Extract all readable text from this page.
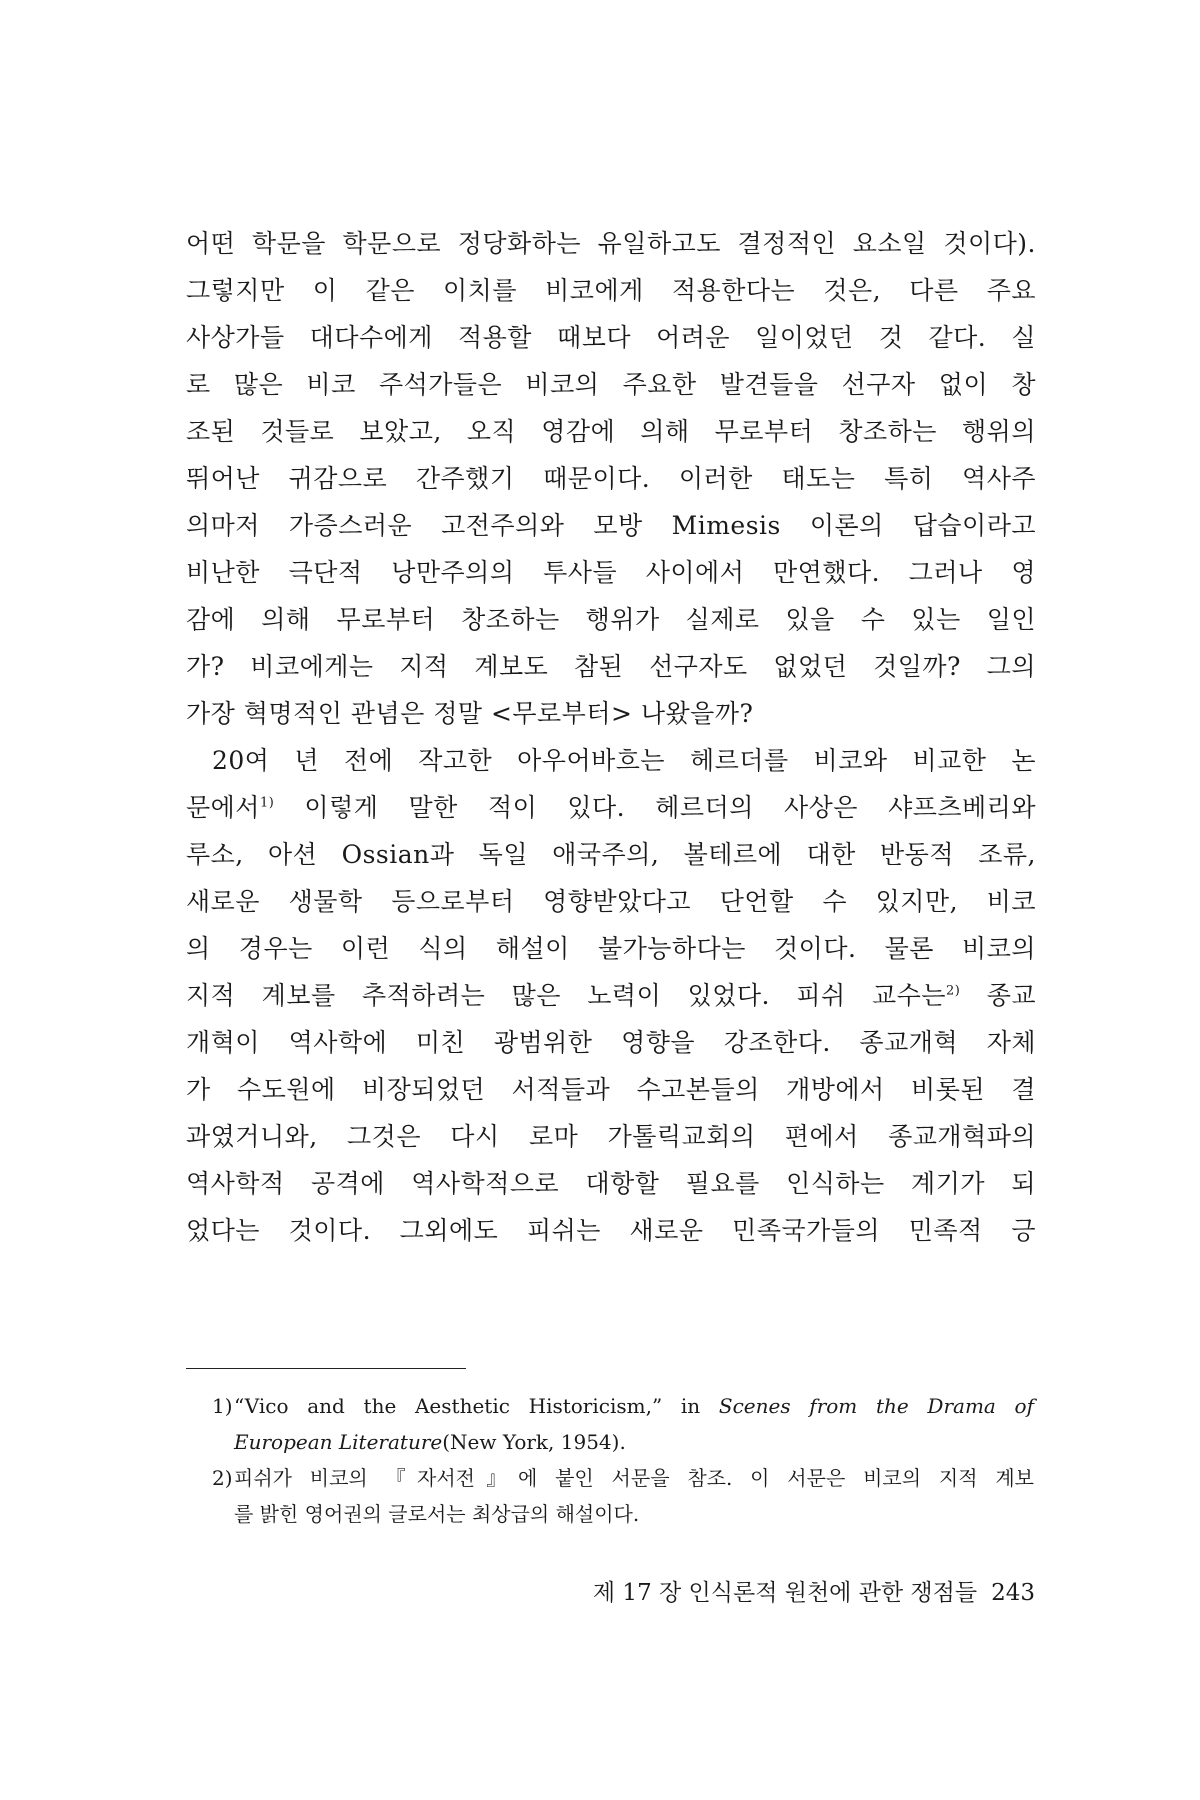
어떤 학문을 학문으로 정당화하는 유일하고도 결정적인 요소일 것이다).
그렇지만 이 같은 이치를 비코에게 적용한다는 것은, 다른 주요
사상가들 대다수에게 적용할 때보다 어려운 일이었던 것 같다. 실
로 많은 비코 주석가들은 비코의 주요한 발견들을 선구자 없이 창
조된 것들로 보았고, 오직 영감에 의해 무로부터 창조하는 행위의
뛰어난 귀감으로 간주했기 때문이다. 이러한 태도는 특히 역사주
의마저 가증스러운 고전주의와 모방 Mimesis 이론의 답습이라고
비난한 극단적 낭만주의의 투사들 사이에서 만연했다. 그러나 영
감에 의해 무로부터 창조하는 행위가 실제로 있을 수 있는 일인
가? 비코에게는 지적 계보도 참된 선구자도 없었던 것일까? 그의
가장 혁명적인 관념은 정말 <무로부터> 나왔을까?
20여 년 전에 작고한 아우어바흐는 헤르더를 비코와 비교한 논
문에서$^{1)}$ 이렇게 말한 적이 있다. 헤르더의 사상은 샤프츠베리와
루소, 아션 Ossian과 독일 애국주의, 볼테르에 대한 반동적 조류,
새로운 생물학 등으로부터 영향받았다고 단언할 수 있지만, 비코
의 경우는 이런 식의 해설이 불가능하다는 것이다. 물론 비코의
지적 계보를 추적하려는 많은 노력이 있었다. 피쉬 교수는$^{2)}$ 종교
개혁이 역사학에 미친 광범위한 영향을 강조한다. 종교개혁 자체
가 수도원에 비장되었던 서적들과 수고본들의 개방에서 비롯된 결
과였거니와, 그것은 다시 로마 가톨릭교회의 편에서 종교개혁파의
역사학적 공격에 역사학적으로 대항할 필요를 인식하는 계기가 되
었다는 것이다. 그외에도 피쉬는 새로운 민족국가들의 민족적 긍
1)“Vico and the Aesthetic Historicism,” in Scenes from the Drama of
European Literature(New York, 1954).
2)피쉬가 비코의 『자서전』에 붙인 서문을 참조. 이 서문은 비코의 지적 계보
를 밝힌 영어권의 글로서는 최상급의 해설이다.
제 17 장 인식론적 원천에 관한 쟁점들 243
